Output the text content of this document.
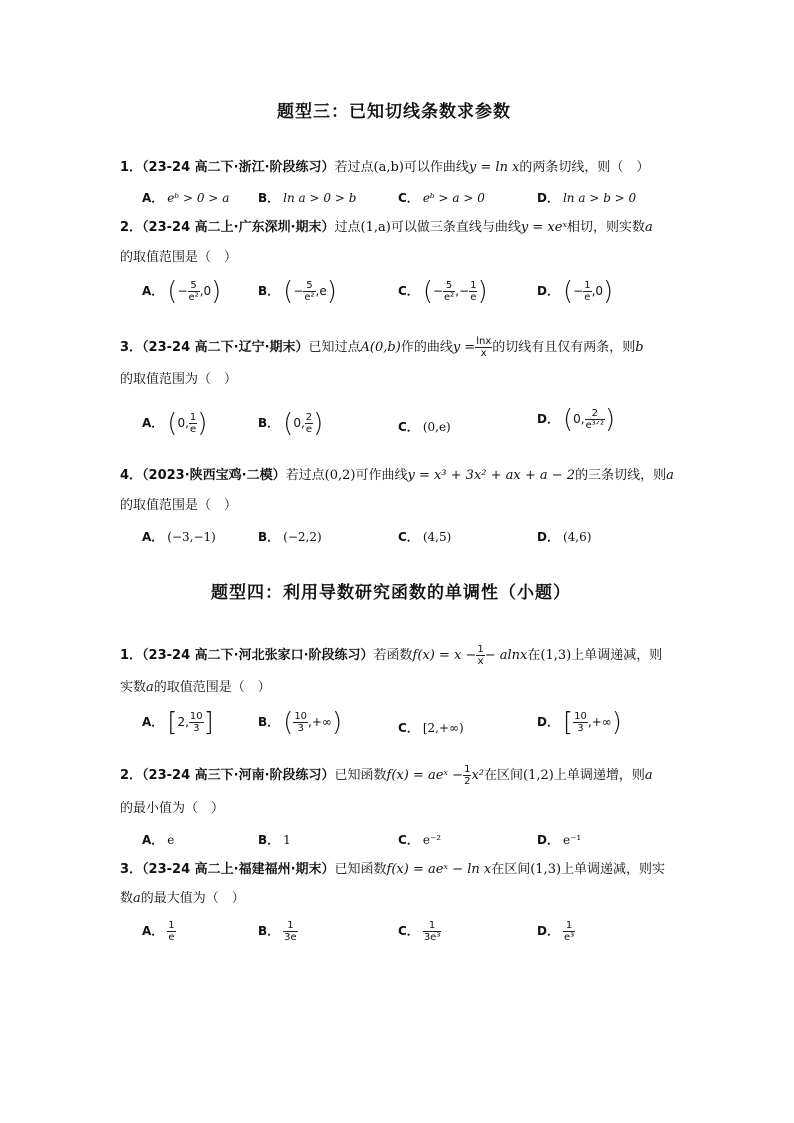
题型三：已知切线条数求参数
1．（23-24 高二下·浙江·阶段练习）若过点(a,b)可以作曲线y = ln x的两条切线，则（　）
A． eᵇ > 0 > a B． ln a > 0 > b	C． eᵇ > a > 0	D． ln a > b > 0
2．（23-24 高二上·广东深圳·期末）过点(1,a)可以做三条直线与曲线y = xeˣ相切，则实数a
的取值范围是（　）
A． (− $\frac{5}{\text{e²}} ,0$)	B． (− $\frac{5}{\text{e²}} ,e$)	C． (− $\frac{5}{\text{e²}}$ ,− $\frac{1}{e}$ )	D． (− $\frac{1}{e} ,0$)
3．（23-24 高二下·辽宁·期末）已知过点A(0,b)作的曲线$y = \frac{\ln x}{x}$ 的切线有且仅有两条，则b
的取值范围为（　）
A． (0, $\frac{1}{e}$ )	B． (0, $\frac{2}{e}$ )	C． (0,e)
D． (0, $\frac{2}{\text{e³ᐟ²}}$ )
4．（2023·陕西宝鸡·二模）若过点(0,2)可作曲线y = x³ + 3x² + ax + a − 2的三条切线，则a
的取值范围是（　）
A． (−3,−1)	B． (−2,2)	C． (4,5)	D． (4,6)
题型四：利用导数研究函数的单调性（小题）
1．（23-24 高二下·河北张家口·阶段练习）若函数$f(x) = x - \frac{1}{x} - alnx$在(1,3)上单调递减，则
实数a的取值范围是（　）
A． [2, $\frac{10}{3}$ ]	B． ( $\frac{10}{3}$ ,+∞)	C． [2,+∞)	D． [ $\frac{10}{3}$ ,+∞)
2．（23-24 高三下·河南·阶段练习）已知函数f(x) = aeˣ − $\frac{1}{2} x^2$在区间(1,2)上单调递增，则a
的最小值为（　）
A． e	B． 1	C． e⁻²	D． e⁻¹
3．（23-24 高二上·福建福州·期末）已知函数f(x) = aeˣ − ln x在区间(1,3)上单调递减，则实
数a的最大值为（　）
A． $\frac{1}{e}$	B． $\frac{1}{3e}$	C． $\frac{1}{\text{3e³}}$	D． $\frac{1}{\text{e³}}$
